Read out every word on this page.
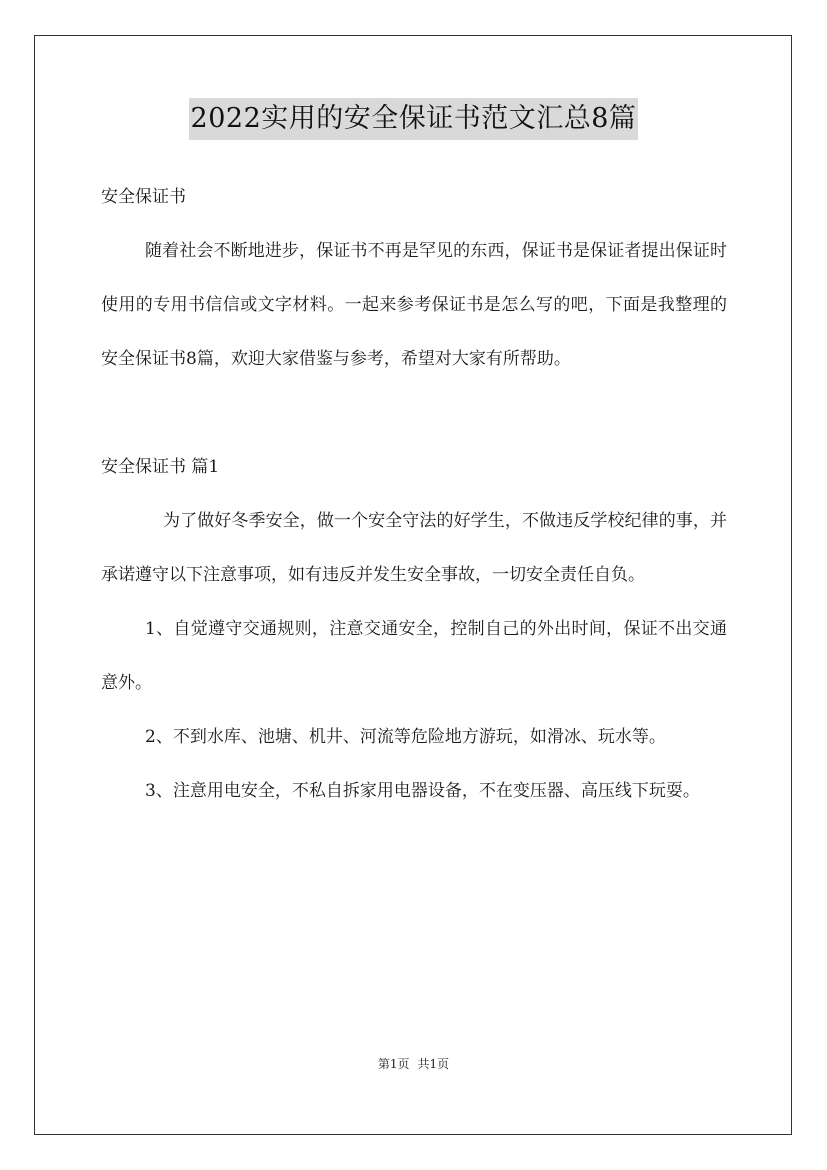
2022实用的安全保证书范文汇总8篇

安全保证书

随着社会不断地进步，保证书不再是罕见的东西，保证书是保证者提出保证时使用的专用书信信或文字材料。一起来参考保证书是怎么写的吧，下面是我整理的安全保证书8篇，欢迎大家借鉴与参考，希望对大家有所帮助。

安全保证书 篇1

为了做好冬季安全，做一个安全守法的好学生，不做违反学校纪律的事，并承诺遵守以下注意事项，如有违反并发生安全事故，一切安全责任自负。

1、自觉遵守交通规则，注意交通安全，控制自己的外出时间，保证不出交通意外。

2、不到水库、池塘、机井、河流等危险地方游玩，如滑冰、玩水等。

3、注意用电安全，不私自拆家用电器设备，不在变压器、高压线下玩耍。

第1页 共1页
